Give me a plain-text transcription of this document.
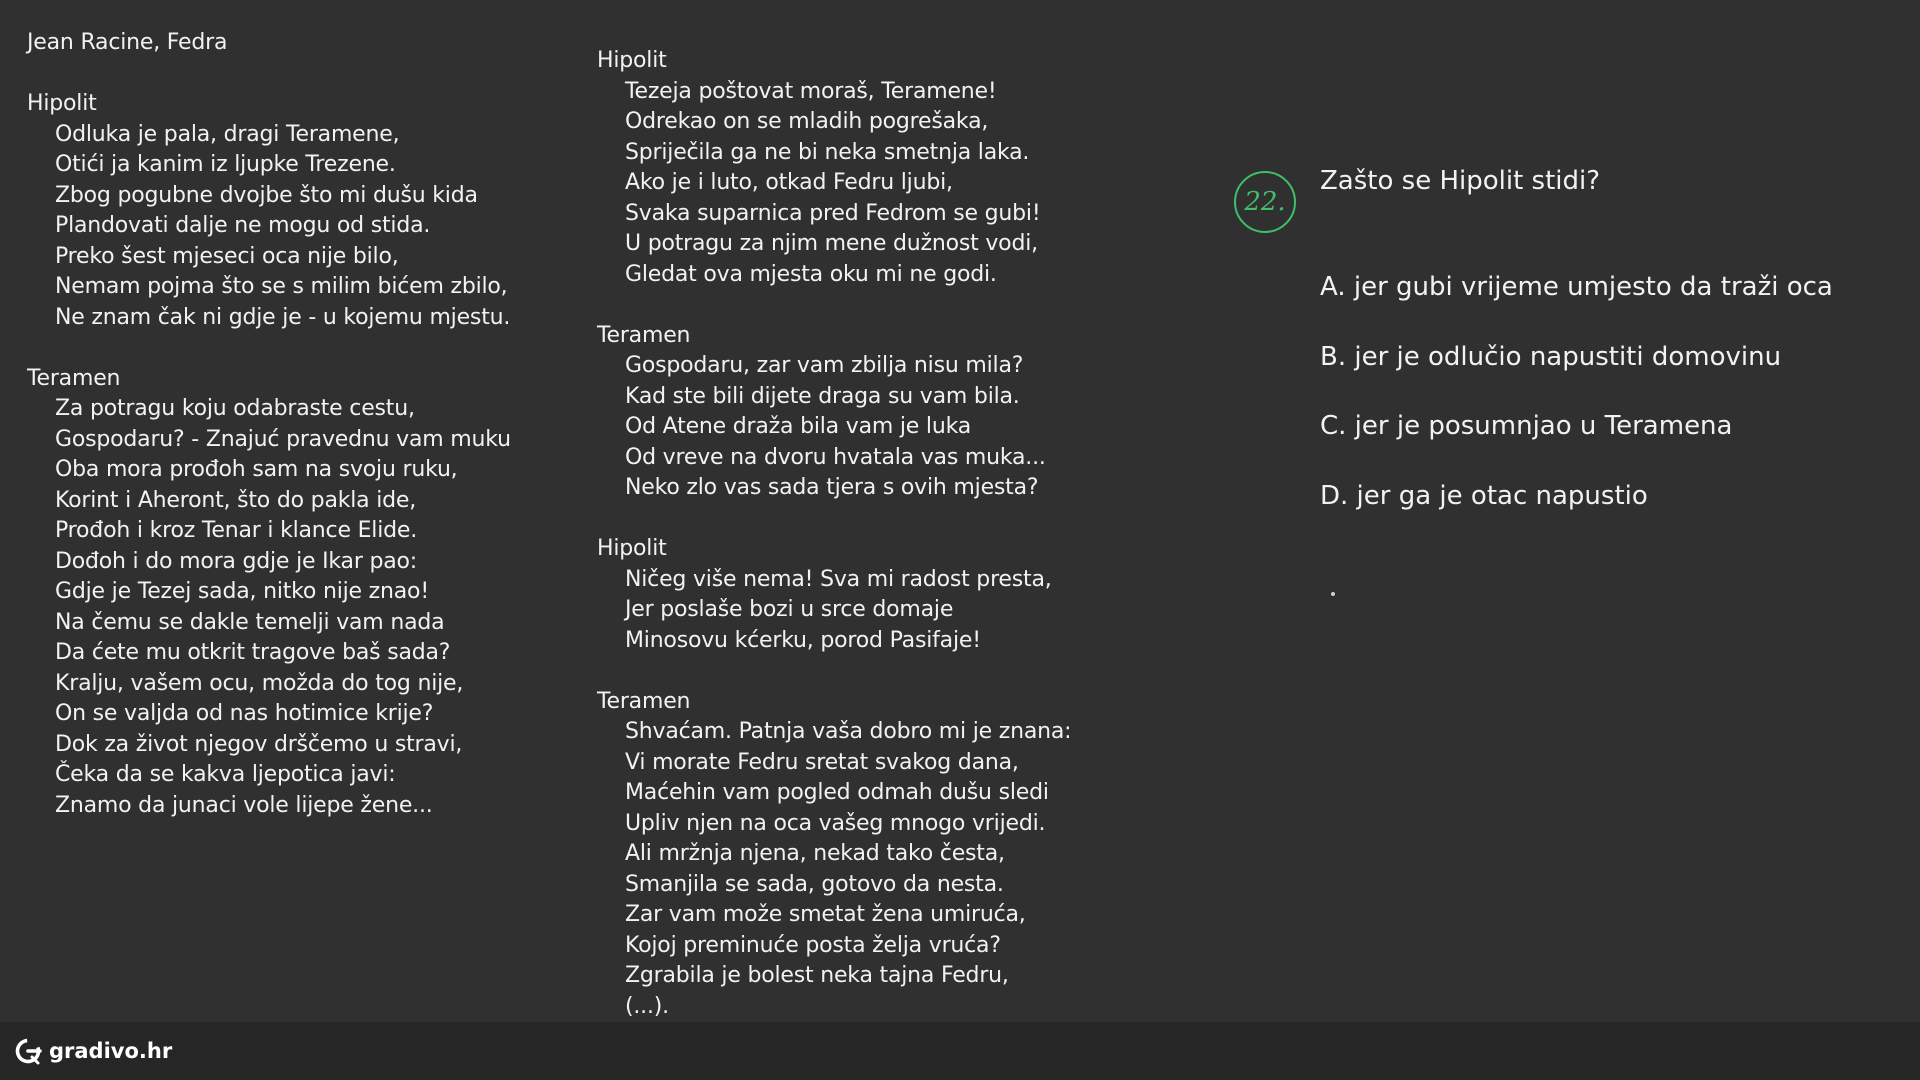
Jean Racine, Fedra

Hipolit

Odluka je pala, dragi Teramene,
Otići ja kanim iz ljupke Trezene.
Zbog pogubne dvojbe što mi dušu kida
Plandovati dalje ne mogu od stida.
Preko šest mjeseci oca nije bilo,
Nemam pojma što se s milim bićem zbilo,
Ne znam čak ni gdje je - u kojemu mjestu.

Teramen

Za potragu koju odabraste cestu,
Gospodaru? - Znajuć pravednu vam muku
Oba mora prođoh sam na svoju ruku,
Korint i Aheront, što do pakla ide,
Prođoh i kroz Tenar i klance Elide.
Dođoh i do mora gdje je Ikar pao:
Gdje je Tezej sada, nitko nije znao!
Na čemu se dakle temelji vam nada
Da ćete mu otkrit tragove baš sada?
Kralju, vašem ocu, možda do tog nije,
On se valjda od nas hotimice krije?
Dok za život njegov drščemo u stravi,
Čeka da se kakva ljepotica javi:
Znamo da junaci vole lijepe žene...

Hipolit

Tezeja poštovat moraš, Teramene!
Odrekao on se mladih pogrešaka,
Spriječila ga ne bi neka smetnja laka.
Ako je i luto, otkad Fedru ljubi,
Svaka suparnica pred Fedrom se gubi!
U potragu za njim mene dužnost vodi,
Gledat ova mjesta oku mi ne godi.

Teramen

Gospodaru, zar vam zbilja nisu mila?
Kad ste bili dijete draga su vam bila.
Od Atene draža bila vam je luka
Od vreve na dvoru hvatala vas muka...
Neko zlo vas sada tjera s ovih mjesta?

Hipolit

Ničeg više nema! Sva mi radost presta,
Jer poslaše bozi u srce domaje
Minosovu kćerku, porod Pasifaje!

Teramen

Shvaćam. Patnja vaša dobro mi je znana:
Vi morate Fedru sretat svakog dana,
Maćehin vam pogled odmah dušu sledi
Upliv njen na oca vašeg mnogo vrijedi.
Ali mržnja njena, nekad tako česta,
Smanjila se sada, gotovo da nesta.
Zar vam može smetat žena umiruća,
Kojoj preminuće posta želja vruća?
Zgrabila je bolest neka tajna Fedru,
(...).
22.
Zašto se Hipolit stidi?
A. jer gubi vrijeme umjesto da traži oca
B. jer je odlučio napustiti domovinu
C. jer je posumnjao u Teramena
D. jer ga je otac napustio
gradivo.hr
